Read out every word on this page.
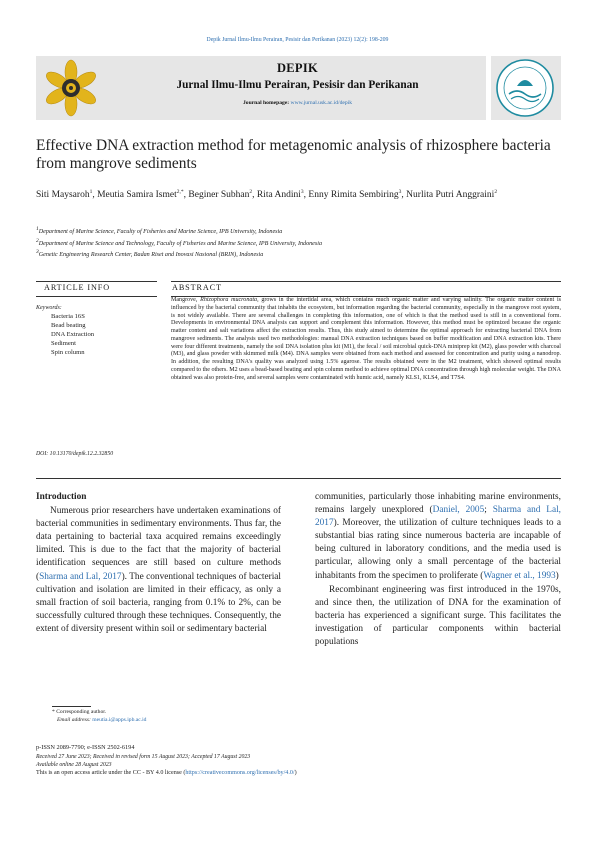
Depik Jurnal Ilmu-Ilmu Perairan, Pesisir dan Perikanan (2023) 12(2): 198-209
DEPIK
Jurnal Ilmu-Ilmu Perairan, Pesisir dan Perikanan
Journal homepage: www.jurnal.usk.ac.id/depik
Effective DNA extraction method for metagenomic analysis of rhizosphere bacteria from mangrove sediments
Siti Maysaroh$^1$, Meutia Samira Ismet$^{2,*}$, Beginer Subhan$^2$, Rita Andini$^3$, Enny Rimita Sembiring$^3$, Nurlita Putri Anggraini$^2$
$^1$Department of Marine Science, Faculty of Fisheries and Marine Science, IPB University, Indonesia
$^2$Department of Marine Science and Technology, Faculty of Fisheries and Marine Science, IPB University, Indonesia
$^3$Genetic Engineering Research Center, Badan Riset and Inovasi Nasional (BRIN), Indonesia
ARTICLE INFO	ABSTRACT
Keywords:
Bacteria 16S
Bead beating
DNA Extraction
Sediment
Spin column
DOI: 10.13170/depik.12.2.32850

Mangrove, Rhizophora mucronata, grows in the intertidal area, which contains much organic matter and varying salinity. The organic matter content is influenced by the bacterial community that inhabits the ecosystem, but information regarding the bacterial community, especially in the mangrove root system, is not widely available. There are several challenges in completing this information, one of which is that the method used is still in a conventional form. Developments in environmental DNA analysis can support and complement this information. However, this method must be optimized because the organic matter content and salt variations affect the extraction results. Thus, this study aimed to determine the optimal approach for extracting bacterial DNA from mangrove sediments. The analysis used two methodologies: manual DNA extraction techniques based on buffer modification and DNA extraction kits. There were four different treatments, namely the soil DNA isolation plus kit (M1), the fecal / soil microbial quick-DNA miniprep kit (M2), glass powder with charcoal (M3), and glass powder with skimmed milk (M4). DNA samples were obtained from each method and assessed for concentration and purity using a nanodrop. In addition, the resulting DNA's quality was analyzed using 1.5% agarose. The results obtained were in the M2 treatment, which showed optimal results compared to the others. M2 uses a bead-based beating and spin column method to achieve optimal DNA concentration through high molecular weight. The DNA obtained was also protein-free, and several samples were contaminated with humic acid, namely KLS1, KLS4, and T7S4.

Introduction

Numerous prior researchers have undertaken examinations of bacterial communities in sedimentary environments. Thus far, the data pertaining to bacterial taxa acquired remains exceedingly limited. This is due to the fact that the majority of bacterial identification sequences are still based on culture methods (Sharma and Lal, 2017). The conventional techniques of bacterial cultivation and isolation are limited in their efficacy, as only a small fraction of soil bacteria, ranging from 0.1% to 2%, can be successfully cultured through these techniques. Consequently, the extent of diversity present within soil or sedimentary bacterial

communities, particularly those inhabiting marine environments, remains largely unexplored (Daniel, 2005; Sharma and Lal, 2017). Moreover, the utilization of culture techniques leads to a substantial bias rating since numerous bacteria are incapable of being cultured in laboratory conditions, and the media used is particular, allowing only a small percentage of the bacterial inhabitants from the specimen to proliferate (Wagner et al., 1993)

Recombinant engineering was first introduced in the 1970s, and since then, the utilization of DNA for the examination of bacteria has experienced a significant surge. This facilitates the investigation of particular components within bacterial populations

* Corresponding author.
Email address: meutia.i@apps.ipb.ac.id
p-ISSN 2089-7790; e-ISSN 2502-6194
Received 27 June 2023; Received in revised form 15 August 2023; Accepted 17 August 2023
Available online 28 August 2023
This is an open access article under the CC - BY 4.0 license (https://creativecommons.org/licenses/by/4.0/)
